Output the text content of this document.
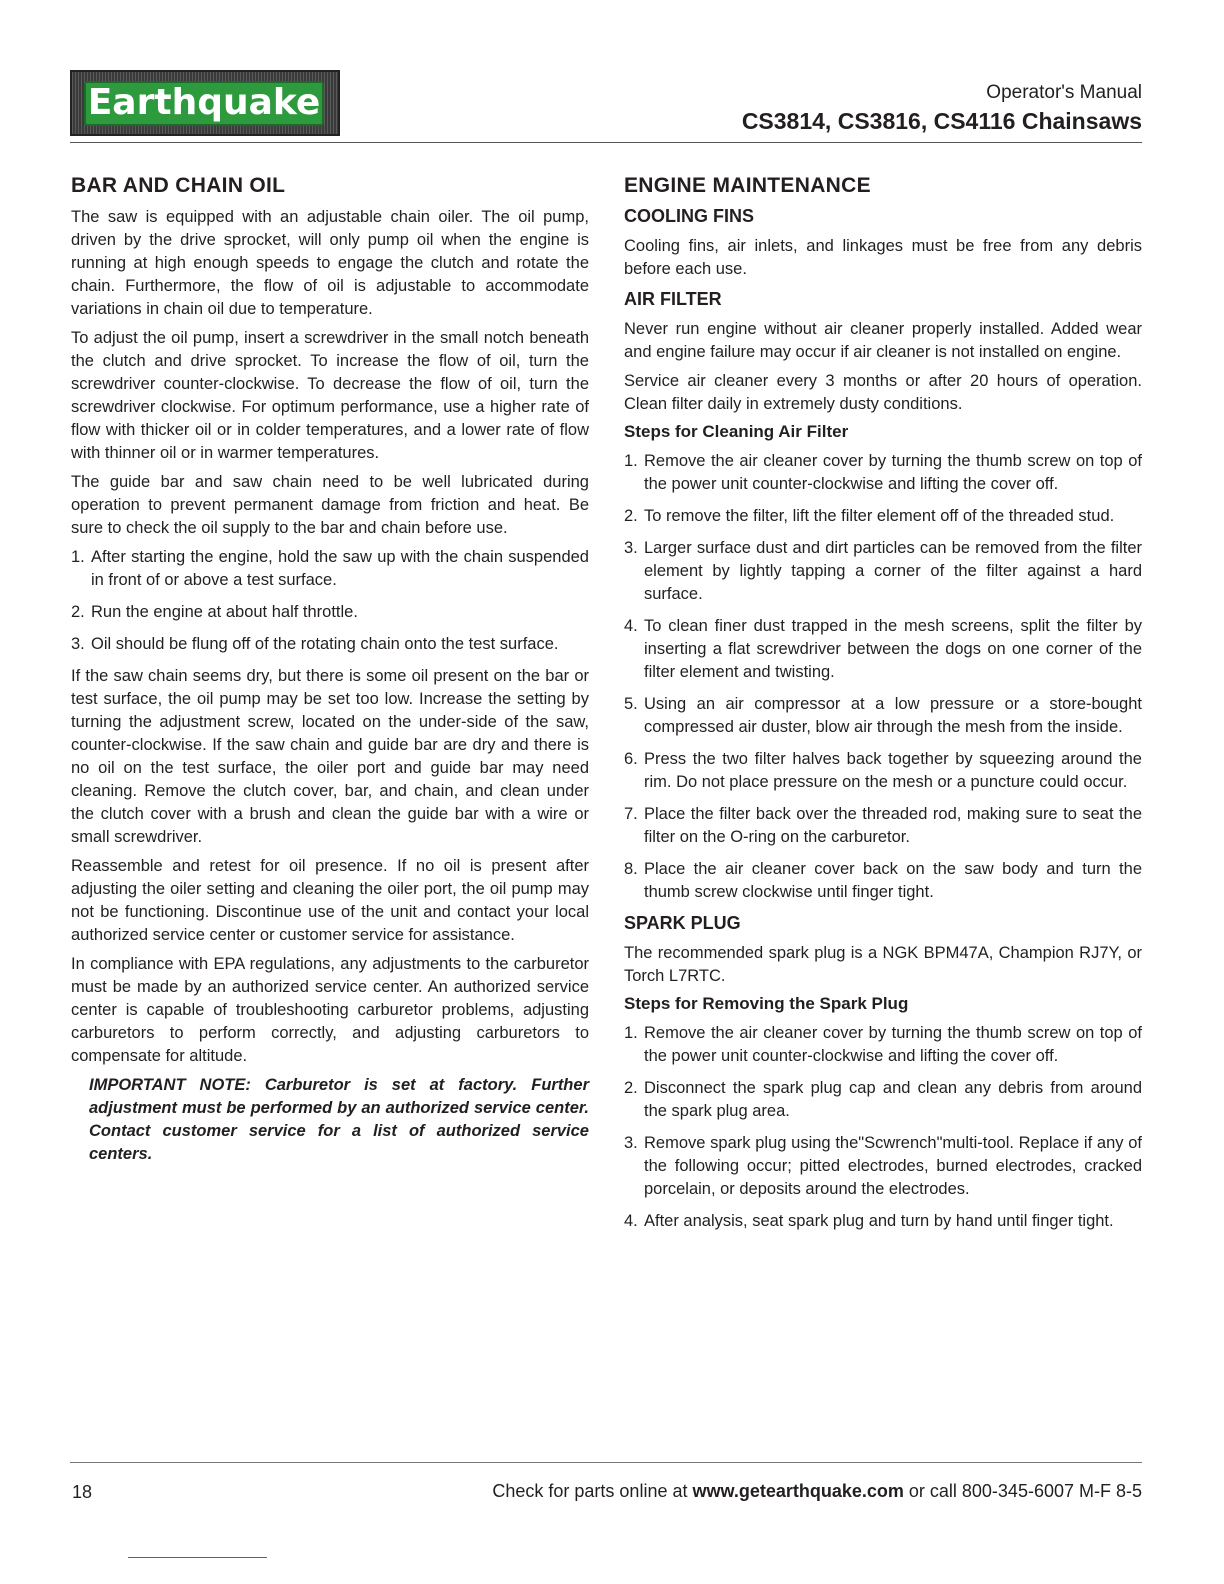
Earthquake	Operator's Manual
CS3814, CS3816, CS4116 Chainsaws
BAR AND CHAIN OIL

The saw is equipped with an adjustable chain oiler. The oil pump, driven by the drive sprocket, will only pump oil when the engine is running at high enough speeds to engage the clutch and rotate the chain. Furthermore, the flow of oil is adjustable to accommodate variations in chain oil due to temperature.

To adjust the oil pump, insert a screwdriver in the small notch beneath the clutch and drive sprocket. To increase the flow of oil, turn the screwdriver counter-clockwise. To decrease the flow of oil, turn the screwdriver clockwise. For optimum performance, use a higher rate of flow with thicker oil or in colder temperatures, and a lower rate of flow with thinner oil or in warmer temperatures.

The guide bar and saw chain need to be well lubricated during operation to prevent permanent damage from friction and heat. Be sure to check the oil supply to the bar and chain before use.

1. After starting the engine, hold the saw up with the chain suspended in front of or above a test surface.
2. Run the engine at about half throttle.
3. Oil should be flung off of the rotating chain onto the test surface.

If the saw chain seems dry, but there is some oil present on the bar or test surface, the oil pump may be set too low. Increase the setting by turning the adjustment screw, located on the under-side of the saw, counter-clockwise. If the saw chain and guide bar are dry and there is no oil on the test surface, the oiler port and guide bar may need cleaning. Remove the clutch cover, bar, and chain, and clean under the clutch cover with a brush and clean the guide bar with a wire or small screwdriver.

Reassemble and retest for oil presence. If no oil is present after adjusting the oiler setting and cleaning the oiler port, the oil pump may not be functioning. Discontinue use of the unit and contact your local authorized service center or customer service for assistance.

In compliance with EPA regulations, any adjustments to the carburetor must be made by an authorized service center. An authorized service center is capable of troubleshooting carburetor problems, adjusting carburetors to perform correctly, and adjusting carburetors to compensate for altitude.

IMPORTANT NOTE: Carburetor is set at factory. Further adjustment must be performed by an authorized service center. Contact customer service for a list of authorized service centers.

ENGINE MAINTENANCE
COOLING FINS

Cooling fins, air inlets, and linkages must be free from any debris before each use.

AIR FILTER

Never run engine without air cleaner properly installed. Added wear and engine failure may occur if air cleaner is not installed on engine.

Service air cleaner every 3 months or after 20 hours of operation. Clean filter daily in extremely dusty conditions.

Steps for Cleaning Air Filter
1. Remove the air cleaner cover by turning the thumb screw on top of the power unit counter-clockwise and lifting the cover off.
2. To remove the filter, lift the filter element off of the threaded stud.
3. Larger surface dust and dirt particles can be removed from the filter element by lightly tapping a corner of the filter against a hard surface.
4. To clean finer dust trapped in the mesh screens, split the filter by inserting a flat screwdriver between the dogs on one corner of the filter element and twisting.
5. Using an air compressor at a low pressure or a store-bought compressed air duster, blow air through the mesh from the inside.
6. Press the two filter halves back together by squeezing around the rim. Do not place pressure on the mesh or a puncture could occur.
7. Place the filter back over the threaded rod, making sure to seat the filter on the O-ring on the carburetor.
8. Place the air cleaner cover back on the saw body and turn the thumb screw clockwise until finger tight.
SPARK PLUG

The recommended spark plug is a NGK BPM47A, Champion RJ7Y, or Torch L7RTC.

Steps for Removing the Spark Plug
1. Remove the air cleaner cover by turning the thumb screw on top of the power unit counter-clockwise and lifting the cover off.
2. Disconnect the spark plug cap and clean any debris from around the spark plug area.
3. Remove spark plug using the"Scwrench"multi-tool. Replace if any of the following occur; pitted electrodes, burned electrodes, cracked porcelain, or deposits around the electrodes.
4. After analysis, seat spark plug and turn by hand until finger tight.
18	Check for parts online at www.getearthquake.com or call 800-345-6007 M-F 8-5
